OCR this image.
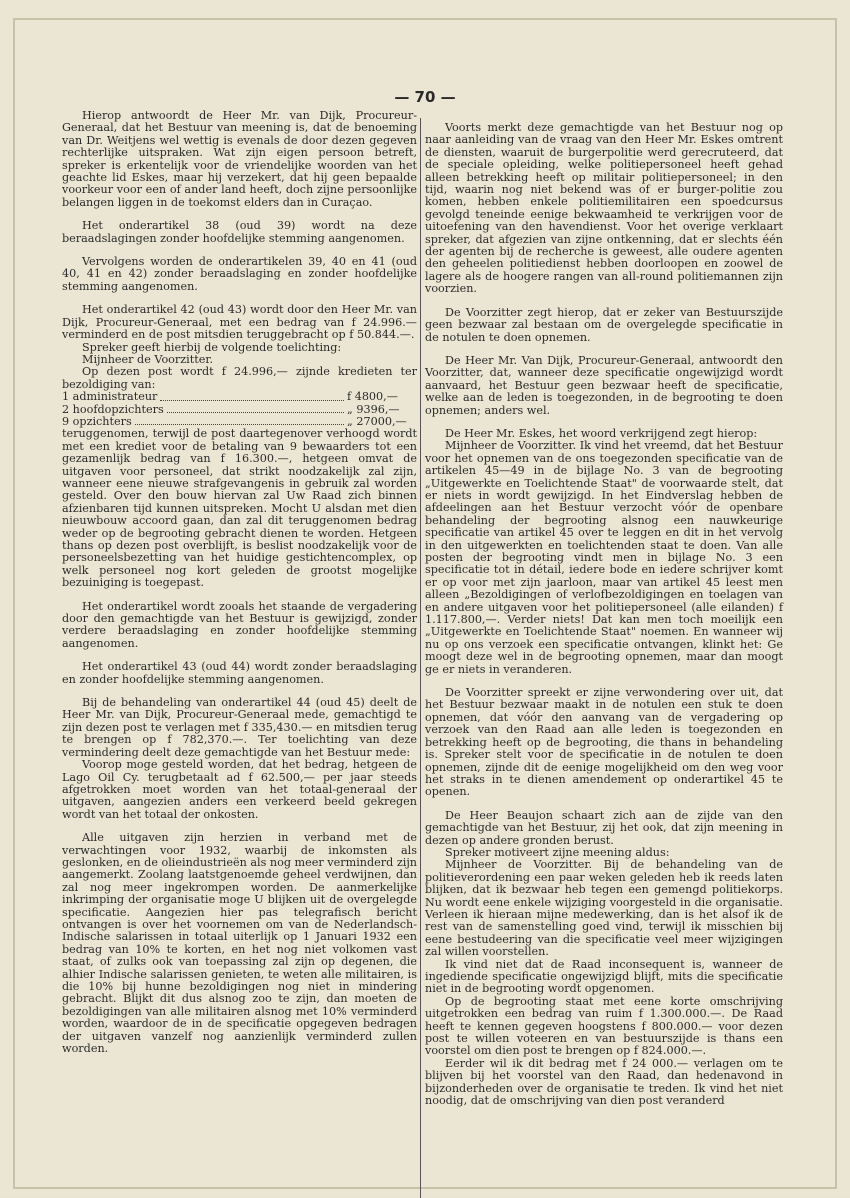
— 70 —

Hierop antwoordt de Heer Mr. van Dijk, Procureur-Generaal, dat het Bestuur van meening is, dat de benoeming van Dr. Weitjens wel wettig is evenals de door dezen gegeven rechterlijke uitspraken. Wat zijn eigen persoon betreft, spreker is erkentelijk voor de vriendelijke woorden van het geachte lid Eskes, maar hij verzekert, dat hij geen bepaalde voorkeur voor een of ander land heeft, doch zijne persoonlijke belangen liggen in de toekomst elders dan in Curaçao.

Het onderartikel 38 (oud 39) wordt na deze beraadslagingen zonder hoofdelijke stemming aangenomen.

Vervolgens worden de onderartikelen 39, 40 en 41 (oud 40, 41 en 42) zonder beraadslaging en zonder hoofdelijke stemming aangenomen.

Het onderartikel 42 (oud 43) wordt door den Heer Mr. van Dijk, Procureur-Generaal, met een bedrag van f 24.996.— verminderd en de post mitsdien teruggebracht op f 50.844.—.

Spreker geeft hierbij de volgende toelichting:

Mijnheer de Voorzitter.

Op dezen post wordt f 24.996,— zijnde kredieten ter bezoldiging van:

1 administrateur	f 4800,—
2 hoofdopzichters	„ 9396,—
9 opzichters	„ 27000,—

teruggenomen, terwijl de post daartegenover verhoogd wordt met een krediet voor de betaling van 9 bewaarders tot een gezamenlijk bedrag van f 16.300.—, hetgeen omvat de uitgaven voor personeel, dat strikt noodzakelijk zal zijn, wanneer eene nieuwe strafgevangenis in gebruik zal worden gesteld. Over den bouw hiervan zal Uw Raad zich binnen afzienbaren tijd kunnen uitspreken. Mocht U alsdan met dien nieuwbouw accoord gaan, dan zal dit teruggenomen bedrag weder op de begrooting gebracht dienen te worden. Hetgeen thans op dezen post overblijft, is beslist noodzakelijk voor de personeelsbezetting van het huidige gestichtencomplex, op welk personeel nog kort geleden de grootst mogelijke bezuiniging is toegepast.

Het onderartikel wordt zooals het staande de vergadering door den gemachtigde van het Bestuur is gewijzigd, zonder verdere beraadslaging en zonder hoofdelijke stemming aangenomen.

Het onderartikel 43 (oud 44) wordt zonder beraadslaging en zonder hoofdelijke stemming aangenomen.

Bij de behandeling van onderartikel 44 (oud 45) deelt de Heer Mr. van Dijk, Procureur-Generaal mede, gemachtigd te zijn dezen post te verlagen met f 335,430.— en mitsdien terug te brengen op f 782,370.—. Ter toelichting van deze vermindering deelt deze gemachtigde van het Bestuur mede:

Voorop moge gesteld worden, dat het bedrag, hetgeen de Lago Oil Cy. terugbetaalt ad f 62.500,— per jaar steeds afgetrokken moet worden van het totaal-generaal der uitgaven, aangezien anders een verkeerd beeld gekregen wordt van het totaal der onkosten.

Alle uitgaven zijn herzien in verband met de verwachtingen voor 1932, waarbij de inkomsten als geslonken, en de olieindustrieën als nog meer verminderd zijn aangemerkt. Zoolang laatstgenoemde geheel verdwijnen, dan zal nog meer ingekrompen worden. De aanmerkelijke inkrimping der organisatie moge U blijken uit de overgelegde specificatie. Aangezien hier pas telegrafisch bericht ontvangen is over het voornemen om van de Nederlandsch-Indische salarissen in totaal uiterlijk op 1 Januari 1932 een bedrag van 10% te korten, en het nog niet volkomen vast staat, of zulks ook van toepassing zal zijn op degenen, die alhier Indische salarissen genieten, te weten alle militairen, is die 10% bij hunne bezoldigingen nog niet in mindering gebracht. Blijkt dit dus alsnog zoo te zijn, dan moeten de bezoldigingen van alle militairen alsnog met 10% verminderd worden, waardoor de in de specificatie opgegeven bedragen der uitgaven vanzelf nog aanzienlijk verminderd zullen worden.

Voorts merkt deze gemachtigde van het Bestuur nog op naar aanleiding van de vraag van den Heer Mr. Eskes omtrent de diensten, waaruit de burgerpolitie werd gerecruteerd, dat de speciale opleiding, welke politiepersoneel heeft gehad alleen betrekking heeft op militair politiepersoneel; in den tijd, waarin nog niet bekend was of er burger-politie zou komen, hebben enkele politiemilitairen een spoedcursus gevolgd teneinde eenige bekwaamheid te verkrijgen voor de uitoefening van den havendienst. Voor het overige verklaart spreker, dat afgezien van zijne ontkenning, dat er slechts één der agenten bij de recherche is geweest, alle oudere agenten den geheelen politiedienst hebben doorloopen en zoowel de lagere als de hoogere rangen van all-round politiemannen zijn voorzien.

De Voorzitter zegt hierop, dat er zeker van Bestuurszijde geen bezwaar zal bestaan om de overgelegde specificatie in de notulen te doen opnemen.

De Heer Mr. Van Dijk, Procureur-Generaal, antwoordt den Voorzitter, dat, wanneer deze specificatie ongewijzigd wordt aanvaard, het Bestuur geen bezwaar heeft de specificatie, welke aan de leden is toegezonden, in de begrooting te doen opnemen; anders wel.

De Heer Mr. Eskes, het woord verkrijgend zegt hierop:

Mijnheer de Voorzitter. Ik vind het vreemd, dat het Bestuur voor het opnemen van de ons toegezonden specificatie van de artikelen 45—49 in de bijlage No. 3 van de begrooting „Uitgewerkte en Toelichtende Staat" de voorwaarde stelt, dat er niets in wordt gewijzigd. In het Eindverslag hebben de afdeelingen aan het Bestuur verzocht vóór de openbare behandeling der begrooting alsnog een nauwkeurige specificatie van artikel 45 over te leggen en dit in het vervolg in den uitgewerkten en toelichtenden staat te doen. Van alle posten der begrooting vindt men in bijlage No. 3 een specificatie tot in détail, iedere bode en iedere schrijver komt er op voor met zijn jaarloon, maar van artikel 45 leest men alleen „Bezoldigingen of verlofbezoldigingen en toelagen van en andere uitgaven voor het politiepersoneel (alle eilanden) f 1.117.800,—. Verder niets! Dat kan men toch moeilijk een „Uitgewerkte en Toelichtende Staat" noemen. En wanneer wij nu op ons verzoek een specificatie ontvangen, klinkt het: Ge moogt deze wel in de begrooting opnemen, maar dan moogt ge er niets in veranderen.

De Voorzitter spreekt er zijne verwondering over uit, dat het Bestuur bezwaar maakt in de notulen een stuk te doen opnemen, dat vóór den aanvang van de vergadering op verzoek van den Raad aan alle leden is toegezonden en betrekking heeft op de begrooting, die thans in behandeling is. Spreker stelt voor de specificatie in de notulen te doen opnemen, zijnde dit de eenige mogelijkheid om den weg voor het straks in te dienen amendement op onderartikel 45 te openen.

De Heer Beaujon schaart zich aan de zijde van den gemachtigde van het Bestuur, zij het ook, dat zijn meening in dezen op andere gronden berust.

Spreker motiveert zijne meening aldus:

Mijnheer de Voorzitter. Bij de behandeling van de politieverordening een paar weken geleden heb ik reeds laten blijken, dat ik bezwaar heb tegen een gemengd politiekorps. Nu wordt eene enkele wijziging voorgesteld in die organisatie. Verleen ik hieraan mijne medewerking, dan is het alsof ik de rest van de samenstelling goed vind, terwijl ik misschien bij eene bestudeering van die specificatie veel meer wijzigingen zal willen voorstellen.

Ik vind niet dat de Raad inconsequent is, wanneer de ingediende specificatie ongewijzigd blijft, mits die specificatie niet in de begrooting wordt opgenomen.

Op de begrooting staat met eene korte omschrijving uitgetrokken een bedrag van ruim f 1.300.000.—. De Raad heeft te kennen gegeven hoogstens f 800.000.— voor dezen post te willen voteeren en van bestuurszijde is thans een voorstel om dien post te brengen op f 824.000.—.

Eerder wil ik dit bedrag met f 24 000.— verlagen om te blijven bij het voorstel van den Raad, dan hedenavond in bijzonderheden over de organisatie te treden. Ik vind het niet noodig, dat de omschrijving van dien post veranderd
